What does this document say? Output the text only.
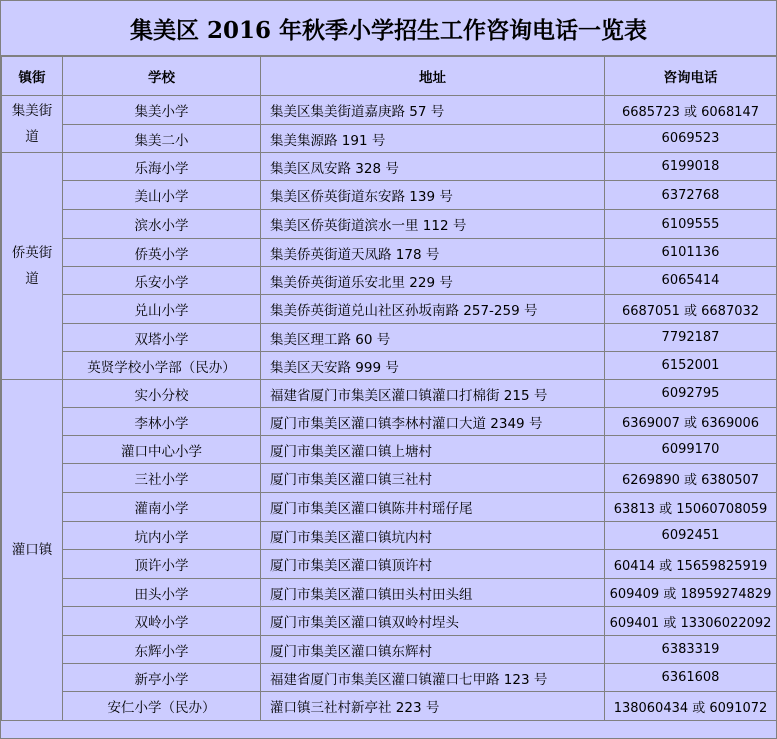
集美区 2016 年秋季小学招生工作咨询电话一览表
镇街	学校	地址	咨询电话
集美街道	集美小学	集美区集美街道嘉庚路 57 号	6685723 或 6068147
	集美二小	集美集源路 191 号	6069523
侨英街道	乐海小学	集美区凤安路 328 号	6199018
	美山小学	集美区侨英街道东安路 139 号	6372768
	滨水小学	集美区侨英街道滨水一里 112 号	6109555
	侨英小学	集美侨英街道天凤路 178 号	6101136
	乐安小学	集美侨英街道乐安北里 229 号	6065414
	兑山小学	集美侨英街道兑山社区孙坂南路 257-259 号	6687051 或 6687032
	双塔小学	集美区理工路 60 号	7792187
	英贤学校小学部（民办）	集美区天安路 999 号	6152001
灌口镇	实小分校	福建省厦门市集美区灌口镇灌口打棉街 215 号	6092795
	李林小学	厦门市集美区灌口镇李林村灌口大道 2349 号	6369007 或 6369006
	灌口中心小学	厦门市集美区灌口镇上塘村	6099170
	三社小学	厦门市集美区灌口镇三社村	6269890 或 6380507
	灌南小学	厦门市集美区灌口镇陈井村瑶仔尾	63813 或 15060708059
	坑内小学	厦门市集美区灌口镇坑内村	6092451
	顶许小学	厦门市集美区灌口镇顶许村	60414 或 15659825919
	田头小学	厦门市集美区灌口镇田头村田头组	609409 或 18959274829
	双岭小学	厦门市集美区灌口镇双岭村埕头	609401 或 13306022092
	东辉小学	厦门市集美区灌口镇东辉村	6383319
	新亭小学	福建省厦门市集美区灌口镇灌口七甲路 123 号	6361608
	安仁小学（民办）	灌口镇三社村新亭社 223 号	138060434 或 6091072
